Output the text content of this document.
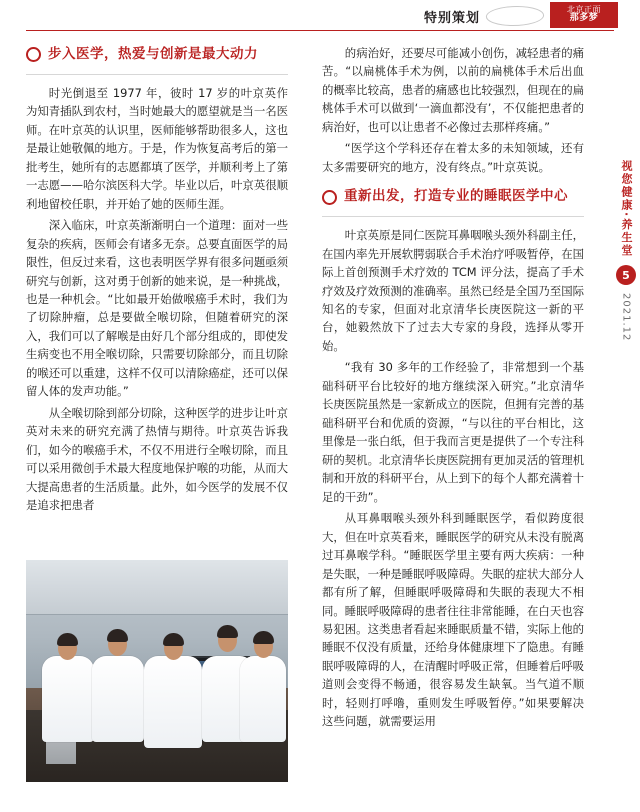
特别策划
北京正面
那多梦
步入医学，热爱与创新是最大动力

时光倒退至 1977 年，彼时 17 岁的叶京英作为知青插队到农村，当时她最大的愿望就是当一名医师。在叶京英的认识里，医师能够帮助很多人，这也是最让她敬佩的地方。于是，作为恢复高考后的第一批考生，她所有的志愿都填了医学，并顺利考上了第一志愿——哈尔滨医科大学。毕业以后，叶京英很顺利地留校任职，并开始了她的医师生涯。

深入临床，叶京英渐渐明白一个道理：面对一些复杂的疾病，医师会有诸多无奈。总要直面医学的局限性，但反过来看，这也表明医学界有很多问题亟须研究与创新，这对勇于创新的她来说，是一种挑战，也是一种机会。“比如最开始做喉癌手术时，我们为了切除肿瘤，总是要做全喉切除，但随着研究的深入，我们可以了解喉是由好几个部分组成的，即使发生病变也不用全喉切除，只需要切除部分，而且切除的喉还可以重建，这样不仅可以清除癌症，还可以保留人体的发声功能。”

从全喉切除到部分切除，这种医学的进步让叶京英对未来的研究充满了热情与期待。叶京英告诉我们，如今的喉癌手术，不仅不用进行全喉切除，而且可以采用微创手术最大程度地保护喉的功能，从而大大提高患者的生活质量。此外，如今医学的发展不仅是追求把患者

的病治好，还要尽可能减小创伤，减轻患者的痛苦。“以扁桃体手术为例，以前的扁桃体手术后出血的概率比较高，患者的痛感也比较强烈，但现在的扁桃体手术可以做到‘一滴血都没有’，不仅能把患者的病治好，也可以让患者不必像过去那样疼痛。”

“医学这个学科还存在着太多的未知领域，还有太多需要研究的地方，没有终点。”叶京英说。

重新出发，打造专业的睡眠医学中心

叶京英原是同仁医院耳鼻咽喉头颈外科副主任，在国内率先开展软腭弱联合手术治疗呼吸暂停，在国际上首创预测手术疗效的 TCM 评分法，提高了手术疗效及疗效预测的准确率。虽然已经是全国乃至国际知名的专家，但面对北京清华长庚医院这一新的平台，她毅然放下了过去大专家的身段，选择从零开始。

“我有 30 多年的工作经验了，非常想到一个基础科研平台比较好的地方继续深入研究。”北京清华长庚医院虽然是一家新成立的医院，但拥有完善的基础科研平台和优质的资源，“与以往的平台相比，这里像是一张白纸，但于我而言更是提供了一个专注科研的契机。北京清华长庚医院拥有更加灵活的管理机制和开放的科研平台，从上到下的每个人都充满着十足的干劲”。

从耳鼻咽喉头颈外科到睡眠医学，看似跨度很大，但在叶京英看来，睡眠医学的研究从未没有脱离过耳鼻喉学科。“睡眠医学里主要有两大疾病：一种是失眠，一种是睡眠呼吸障碍。失眠的症状大部分人都有所了解，但睡眠呼吸障碍和失眠的表现大不相同。睡眠呼吸障碍的患者往往非常能睡，在白天也容易犯困。这类患者看起来睡眠质量不错，实际上他的睡眠不仅没有质量，还给身体健康埋下了隐患。有睡眠呼吸障碍的人，在清醒时呼吸正常，但睡着后呼吸道则会变得不畅通，很容易发生缺氧。当气道不顺时，轻则打呼噜，重则发生呼吸暂停。”如果要解决这些问题，就需要运用

视您健康·养生堂
5
2021.12
